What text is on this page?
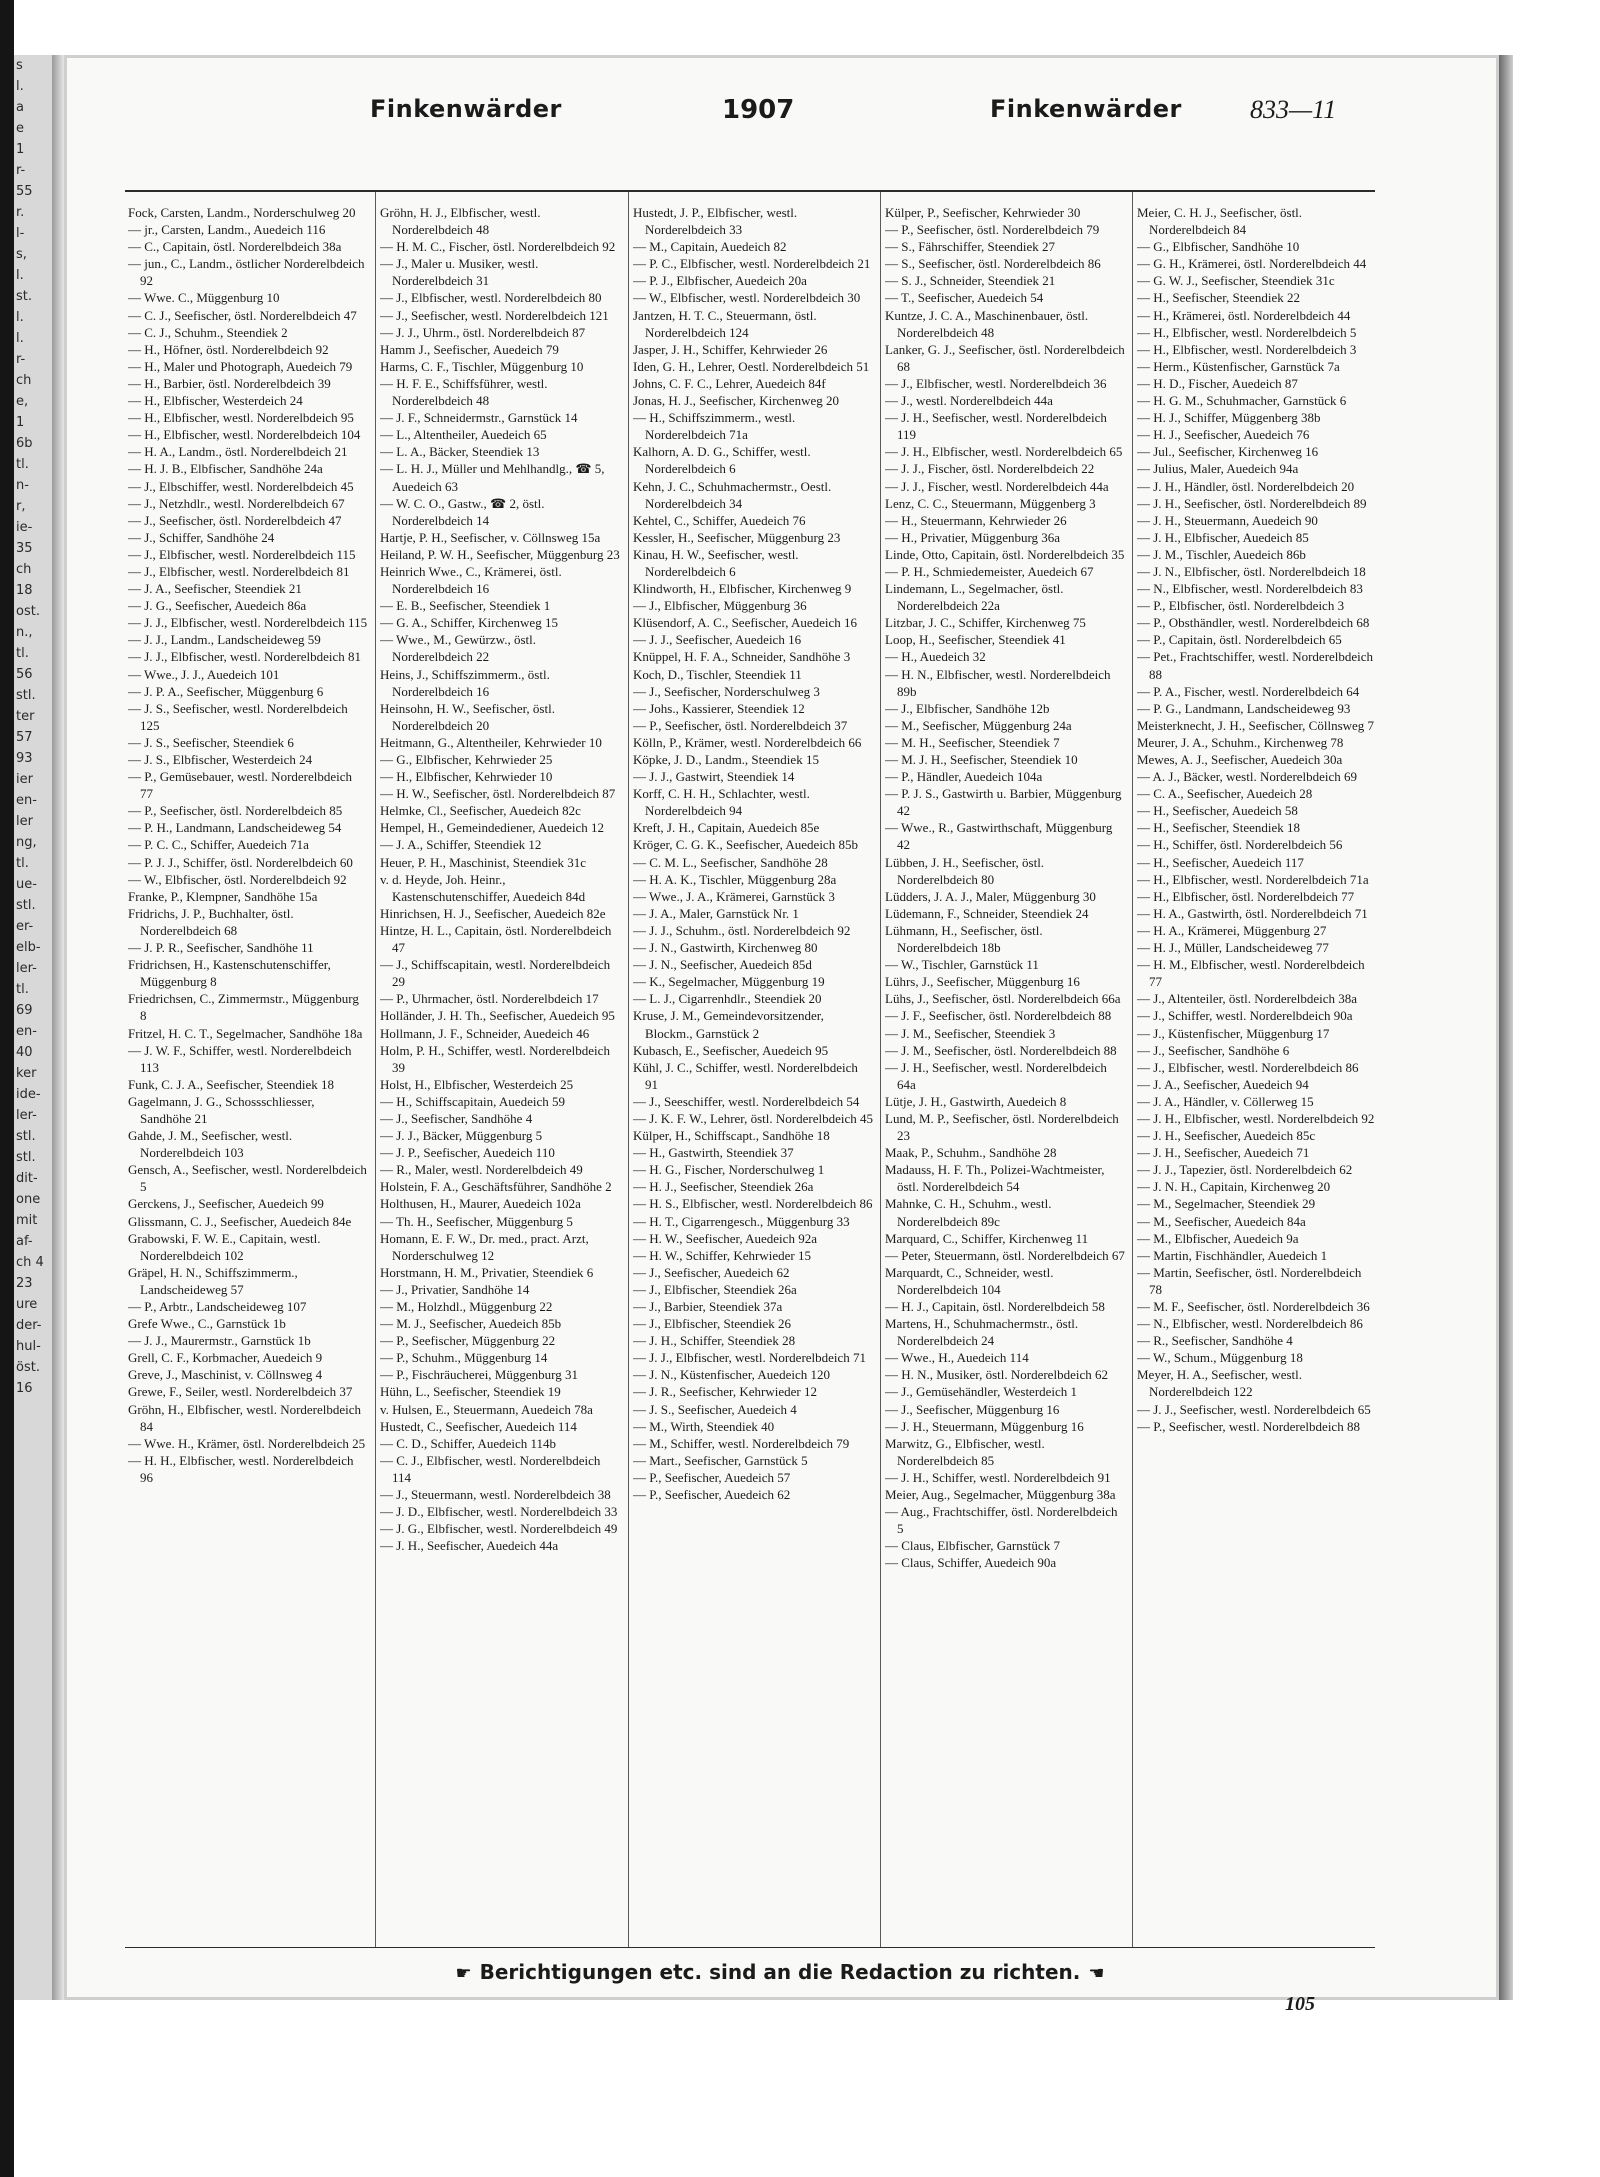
s
l.
a
e
1
r-
55
r.
l-
s,
l.
st.
l.
l.
r-
ch
e,
1
6b
tl.
n-
r,
ie-
35
ch
18
ost.
n.,
tl.
56
stl.
ter
57
93
ier
en-
ler
ng,
tl.
ue-
stl.
er-
elb-
ler-
tl.
69
en-
40
ker
ide-
ler-
stl.
stl.
dit-
one
mit
af-
ch 4
23
ure
der-
hul-
öst.
16
Finkenwärder	1907	Finkenwärder	833—11

Fock, Carsten, Landm., Norderschulweg 20

— jr., Carsten, Landm., Auedeich 116

— C., Capitain, östl. Norderelbdeich 38a

— jun., C., Landm., östlicher Norderelbdeich 92

— Wwe. C., Müggenburg 10

— C. J., Seefischer, östl. Norderelbdeich 47

— C. J., Schuhm., Steendiek 2

— H., Höfner, östl. Norderelbdeich 92

— H., Maler und Photograph, Auedeich 79

— H., Barbier, östl. Norderelbdeich 39

— H., Elbfischer, Westerdeich 24

— H., Elbfischer, westl. Norderelbdeich 95

— H., Elbfischer, westl. Norderelbdeich 104

— H. A., Landm., östl. Norderelbdeich 21

— H. J. B., Elbfischer, Sandhöhe 24a

— J., Elbschiffer, westl. Norderelbdeich 45

— J., Netzhdlr., westl. Norderelbdeich 67

— J., Seefischer, östl. Norderelbdeich 47

— J., Schiffer, Sandhöhe 24

— J., Elbfischer, westl. Norderelbdeich 115

— J., Elbfischer, westl. Norderelbdeich 81

— J. A., Seefischer, Steendiek 21

— J. G., Seefischer, Auedeich 86a

— J. J., Elbfischer, westl. Norderelbdeich 115

— J. J., Landm., Landscheideweg 59

— J. J., Elbfischer, westl. Norderelbdeich 81

— Wwe., J. J., Auedeich 101

— J. P. A., Seefischer, Müggenburg 6

— J. S., Seefischer, westl. Norderelbdeich 125

— J. S., Seefischer, Steendiek 6

— J. S., Elbfischer, Westerdeich 24

— P., Gemüsebauer, westl. Norderelbdeich 77

— P., Seefischer, östl. Norderelbdeich 85

— P. H., Landmann, Landscheideweg 54

— P. C. C., Schiffer, Auedeich 71a

— P. J. J., Schiffer, östl. Norderelbdeich 60

— W., Elbfischer, östl. Norderelbdeich 92

Franke, P., Klempner, Sandhöhe 15a

Fridrichs, J. P., Buchhalter, östl. Norderelbdeich 68

— J. P. R., Seefischer, Sandhöhe 11

Fridrichsen, H., Kastenschutenschiffer, Müggenburg 8

Friedrichsen, C., Zimmermstr., Müggenburg 8

Fritzel, H. C. T., Segelmacher, Sandhöhe 18a

— J. W. F., Schiffer, westl. Norderelbdeich 113

Funk, C. J. A., Seefischer, Steendiek 18

Gagelmann, J. G., Schossschliesser, Sandhöhe 21

Gahde, J. M., Seefischer, westl. Norderelbdeich 103

Gensch, A., Seefischer, westl. Norderelbdeich 5

Gerckens, J., Seefischer, Auedeich 99

Glissmann, C. J., Seefischer, Auedeich 84e

Grabowski, F. W. E., Capitain, westl. Norderelbdeich 102

Gräpel, H. N., Schiffszimmerm., Landscheideweg 57

— P., Arbtr., Landscheideweg 107

Grefe Wwe., C., Garnstück 1b

— J. J., Maurermstr., Garnstück 1b

Grell, C. F., Korbmacher, Auedeich 9

Greve, J., Maschinist, v. Cöllnsweg 4

Grewe, F., Seiler, westl. Norderelbdeich 37

Gröhn, H., Elbfischer, westl. Norderelbdeich 84

— Wwe. H., Krämer, östl. Norderelbdeich 25

— H. H., Elbfischer, westl. Norderelbdeich 96

Gröhn, H. J., Elbfischer, westl. Norderelbdeich 48

— H. M. C., Fischer, östl. Norderelbdeich 92

— J., Maler u. Musiker, westl. Norderelbdeich 31

— J., Elbfischer, westl. Norderelbdeich 80

— J., Seefischer, westl. Norderelbdeich 121

— J. J., Uhrm., östl. Norderelbdeich 87

Hamm J., Seefischer, Auedeich 79

Harms, C. F., Tischler, Müggenburg 10

— H. F. E., Schiffsführer, westl. Norderelbdeich 48

— J. F., Schneidermstr., Garnstück 14

— L., Altentheiler, Auedeich 65

— L. A., Bäcker, Steendiek 13

— L. H. J., Müller und Mehlhandlg., ☎ 5, Auedeich 63

— W. C. O., Gastw., ☎ 2, östl. Norderelbdeich 14

Hartje, P. H., Seefischer, v. Cöllnsweg 15a

Heiland, P. W. H., Seefischer, Müggenburg 23

Heinrich Wwe., C., Krämerei, östl. Norderelbdeich 16

— E. B., Seefischer, Steendiek 1

— G. A., Schiffer, Kirchenweg 15

— Wwe., M., Gewürzw., östl. Norderelbdeich 22

Heins, J., Schiffszimmerm., östl. Norderelbdeich 16

Heinsohn, H. W., Seefischer, östl. Norderelbdeich 20

Heitmann, G., Altentheiler, Kehrwieder 10

— G., Elbfischer, Kehrwieder 25

— H., Elbfischer, Kehrwieder 10

— H. W., Seefischer, östl. Norderelbdeich 87

Helmke, Cl., Seefischer, Auedeich 82c

Hempel, H., Gemeindediener, Auedeich 12

— J. A., Schiffer, Steendiek 12

Heuer, P. H., Maschinist, Steendiek 31c

v. d. Heyde, Joh. Heinr., Kastenschutenschiffer, Auedeich 84d

Hinrichsen, H. J., Seefischer, Auedeich 82e

Hintze, H. L., Capitain, östl. Norderelbdeich 47

— J., Schiffscapitain, westl. Norderelbdeich 29

— P., Uhrmacher, östl. Norderelbdeich 17

Holländer, J. H. Th., Seefischer, Auedeich 95

Hollmann, J. F., Schneider, Auedeich 46

Holm, P. H., Schiffer, westl. Norderelbdeich 39

Holst, H., Elbfischer, Westerdeich 25

— H., Schiffscapitain, Auedeich 59

— J., Seefischer, Sandhöhe 4

— J. J., Bäcker, Müggenburg 5

— J. P., Seefischer, Auedeich 110

— R., Maler, westl. Norderelbdeich 49

Holstein, F. A., Geschäftsführer, Sandhöhe 2

Holthusen, H., Maurer, Auedeich 102a

— Th. H., Seefischer, Müggenburg 5

Homann, E. F. W., Dr. med., pract. Arzt, Norderschulweg 12

Horstmann, H. M., Privatier, Steendiek 6

— J., Privatier, Sandhöhe 14

— M., Holzhdl., Müggenburg 22

— M. J., Seefischer, Auedeich 85b

— P., Seefischer, Müggenburg 22

— P., Schuhm., Müggenburg 14

— P., Fischräucherei, Müggenburg 31

Hühn, L., Seefischer, Steendiek 19

v. Hulsen, E., Steuermann, Auedeich 78a

Hustedt, C., Seefischer, Auedeich 114

— C. D., Schiffer, Auedeich 114b

— C. J., Elbfischer, westl. Norderelbdeich 114

— J., Steuermann, westl. Norderelbdeich 38

— J. D., Elbfischer, westl. Norderelbdeich 33

— J. G., Elbfischer, westl. Norderelbdeich 49

— J. H., Seefischer, Auedeich 44a

Hustedt, J. P., Elbfischer, westl. Norderelbdeich 33

— M., Capitain, Auedeich 82

— P. C., Elbfischer, westl. Norderelbdeich 21

— P. J., Elbfischer, Auedeich 20a

— W., Elbfischer, westl. Norderelbdeich 30

Jantzen, H. T. C., Steuermann, östl. Norderelbdeich 124

Jasper, J. H., Schiffer, Kehrwieder 26

Iden, G. H., Lehrer, Oestl. Norderelbdeich 51

Johns, C. F. C., Lehrer, Auedeich 84f

Jonas, H. J., Seefischer, Kirchenweg 20

— H., Schiffszimmerm., westl. Norderelbdeich 71a

Kalhorn, A. D. G., Schiffer, westl. Norderelbdeich 6

Kehn, J. C., Schuhmachermstr., Oestl. Norderelbdeich 34

Kehtel, C., Schiffer, Auedeich 76

Kessler, H., Seefischer, Müggenburg 23

Kinau, H. W., Seefischer, westl. Norderelbdeich 6

Klindworth, H., Elbfischer, Kirchenweg 9

— J., Elbfischer, Müggenburg 36

Klüsendorf, A. C., Seefischer, Auedeich 16

— J. J., Seefischer, Auedeich 16

Knüppel, H. F. A., Schneider, Sandhöhe 3

Koch, D., Tischler, Steendiek 11

— J., Seefischer, Norderschulweg 3

— Johs., Kassierer, Steendiek 12

— P., Seefischer, östl. Norderelbdeich 37

Kölln, P., Krämer, westl. Norderelbdeich 66

Köpke, J. D., Landm., Steendiek 15

— J. J., Gastwirt, Steendiek 14

Korff, C. H. H., Schlachter, westl. Norderelbdeich 94

Kreft, J. H., Capitain, Auedeich 85e

Kröger, C. G. K., Seefischer, Auedeich 85b

— C. M. L., Seefischer, Sandhöhe 28

— H. A. K., Tischler, Müggenburg 28a

— Wwe., J. A., Krämerei, Garnstück 3

— J. A., Maler, Garnstück Nr. 1

— J. J., Schuhm., östl. Norderelbdeich 92

— J. N., Gastwirth, Kirchenweg 80

— J. N., Seefischer, Auedeich 85d

— K., Segelmacher, Müggenburg 19

— L. J., Cigarrenhdlr., Steendiek 20

Kruse, J. M., Gemeindevorsitzender, Blockm., Garnstück 2

Kubasch, E., Seefischer, Auedeich 95

Kühl, J. C., Schiffer, westl. Norderelbdeich 91

— J., Seeschiffer, westl. Norderelbdeich 54

— J. K. F. W., Lehrer, östl. Norderelbdeich 45

Külper, H., Schiffscapt., Sandhöhe 18

— H., Gastwirth, Steendiek 37

— H. G., Fischer, Norderschulweg 1

— H. J., Seefischer, Steendiek 26a

— H. S., Elbfischer, westl. Norderelbdeich 86

— H. T., Cigarrengesch., Müggenburg 33

— H. W., Seefischer, Auedeich 92a

— H. W., Schiffer, Kehrwieder 15

— J., Seefischer, Auedeich 62

— J., Elbfischer, Steendiek 26a

— J., Barbier, Steendiek 37a

— J., Elbfischer, Steendiek 26

— J. H., Schiffer, Steendiek 28

— J. J., Elbfischer, westl. Norderelbdeich 71

— J. N., Küstenfischer, Auedeich 120

— J. R., Seefischer, Kehrwieder 12

— J. S., Seefischer, Auedeich 4

— M., Wirth, Steendiek 40

— M., Schiffer, westl. Norderelbdeich 79

— Mart., Seefischer, Garnstück 5

— P., Seefischer, Auedeich 57

— P., Seefischer, Auedeich 62

Külper, P., Seefischer, Kehrwieder 30

— P., Seefischer, östl. Norderelbdeich 79

— S., Fährschiffer, Steendiek 27

— S., Seefischer, östl. Norderelbdeich 86

— S. J., Schneider, Steendiek 21

— T., Seefischer, Auedeich 54

Kuntze, J. C. A., Maschinenbauer, östl. Norderelbdeich 48

Lanker, G. J., Seefischer, östl. Norderelbdeich 68

— J., Elbfischer, westl. Norderelbdeich 36

— J., westl. Norderelbdeich 44a

— J. H., Seefischer, westl. Norderelbdeich 119

— J. H., Elbfischer, westl. Norderelbdeich 65

— J. J., Fischer, östl. Norderelbdeich 22

— J. J., Fischer, westl. Norderelbdeich 44a

Lenz, C. C., Steuermann, Müggenberg 3

— H., Steuermann, Kehrwieder 26

— H., Privatier, Müggenburg 36a

Linde, Otto, Capitain, östl. Norderelbdeich 35

— P. H., Schmiedemeister, Auedeich 67

Lindemann, L., Segelmacher, östl. Norderelbdeich 22a

Litzbar, J. C., Schiffer, Kirchenweg 75

Loop, H., Seefischer, Steendiek 41

— H., Auedeich 32

— H. N., Elbfischer, westl. Norderelbdeich 89b

— J., Elbfischer, Sandhöhe 12b

— M., Seefischer, Müggenburg 24a

— M. H., Seefischer, Steendiek 7

— M. J. H., Seefischer, Steendiek 10

— P., Händler, Auedeich 104a

— P. J. S., Gastwirth u. Barbier, Müggenburg 42

— Wwe., R., Gastwirthschaft, Müggenburg 42

Lübben, J. H., Seefischer, östl. Norderelbdeich 80

Lüdders, J. A. J., Maler, Müggenburg 30

Lüdemann, F., Schneider, Steendiek 24

Lühmann, H., Seefischer, östl. Norderelbdeich 18b

— W., Tischler, Garnstück 11

Lührs, J., Seefischer, Müggenburg 16

Lühs, J., Seefischer, östl. Norderelbdeich 66a

— J. F., Seefischer, östl. Norderelbdeich 88

— J. M., Seefischer, Steendiek 3

— J. M., Seefischer, östl. Norderelbdeich 88

— J. H., Seefischer, westl. Norderelbdeich 64a

Lütje, J. H., Gastwirth, Auedeich 8

Lund, M. P., Seefischer, östl. Norderelbdeich 23

Maak, P., Schuhm., Sandhöhe 28

Madauss, H. F. Th., Polizei-Wachtmeister, östl. Norderelbdeich 54

Mahnke, C. H., Schuhm., westl. Norderelbdeich 89c

Marquard, C., Schiffer, Kirchenweg 11

— Peter, Steuermann, östl. Norderelbdeich 67

Marquardt, C., Schneider, westl. Norderelbdeich 104

— H. J., Capitain, östl. Norderelbdeich 58

Martens, H., Schuhmachermstr., östl. Norderelbdeich 24

— Wwe., H., Auedeich 114

— H. N., Musiker, östl. Norderelbdeich 62

— J., Gemüsehändler, Westerdeich 1

— J., Seefischer, Müggenburg 16

— J. H., Steuermann, Müggenburg 16

Marwitz, G., Elbfischer, westl. Norderelbdeich 85

— J. H., Schiffer, westl. Norderelbdeich 91

Meier, Aug., Segelmacher, Müggenburg 38a

— Aug., Frachtschiffer, östl. Norderelbdeich 5

— Claus, Elbfischer, Garnstück 7

— Claus, Schiffer, Auedeich 90a

Meier, C. H. J., Seefischer, östl. Norderelbdeich 84

— G., Elbfischer, Sandhöhe 10

— G. H., Krämerei, östl. Norderelbdeich 44

— G. W. J., Seefischer, Steendiek 31c

— H., Seefischer, Steendiek 22

— H., Krämerei, östl. Norderelbdeich 44

— H., Elbfischer, westl. Norderelbdeich 5

— H., Elbfischer, westl. Norderelbdeich 3

— Herm., Küstenfischer, Garnstück 7a

— H. D., Fischer, Auedeich 87

— H. G. M., Schuhmacher, Garnstück 6

— H. J., Schiffer, Müggenberg 38b

— H. J., Seefischer, Auedeich 76

— Jul., Seefischer, Kirchenweg 16

— Julius, Maler, Auedeich 94a

— J. H., Händler, östl. Norderelbdeich 20

— J. H., Seefischer, östl. Norderelbdeich 89

— J. H., Steuermann, Auedeich 90

— J. H., Elbfischer, Auedeich 85

— J. M., Tischler, Auedeich 86b

— J. N., Elbfischer, östl. Norderelbdeich 18

— N., Elbfischer, westl. Norderelbdeich 83

— P., Elbfischer, östl. Norderelbdeich 3

— P., Obsthändler, westl. Norderelbdeich 68

— P., Capitain, östl. Norderelbdeich 65

— Pet., Frachtschiffer, westl. Norderelbdeich 88

— P. A., Fischer, westl. Norderelbdeich 64

— P. G., Landmann, Landscheideweg 93

Meisterknecht, J. H., Seefischer, Cöllnsweg 7

Meurer, J. A., Schuhm., Kirchenweg 78

Mewes, A. J., Seefischer, Auedeich 30a

— A. J., Bäcker, westl. Norderelbdeich 69

— C. A., Seefischer, Auedeich 28

— H., Seefischer, Auedeich 58

— H., Seefischer, Steendiek 18

— H., Schiffer, östl. Norderelbdeich 56

— H., Seefischer, Auedeich 117

— H., Elbfischer, westl. Norderelbdeich 71a

— H., Elbfischer, östl. Norderelbdeich 77

— H. A., Gastwirth, östl. Norderelbdeich 71

— H. A., Krämerei, Müggenburg 27

— H. J., Müller, Landscheideweg 77

— H. M., Elbfischer, westl. Norderelbdeich 77

— J., Altenteiler, östl. Norderelbdeich 38a

— J., Schiffer, westl. Norderelbdeich 90a

— J., Küstenfischer, Müggenburg 17

— J., Seefischer, Sandhöhe 6

— J., Elbfischer, westl. Norderelbdeich 86

— J. A., Seefischer, Auedeich 94

— J. A., Händler, v. Cöllerweg 15

— J. H., Elbfischer, westl. Norderelbdeich 92

— J. H., Seefischer, Auedeich 85c

— J. H., Seefischer, Auedeich 71

— J. J., Tapezier, östl. Norderelbdeich 62

— J. N. H., Capitain, Kirchenweg 20

— M., Segelmacher, Steendiek 29

— M., Seefischer, Auedeich 84a

— M., Elbfischer, Auedeich 9a

— Martin, Fischhändler, Auedeich 1

— Martin, Seefischer, östl. Norderelbdeich 78

— M. F., Seefischer, östl. Norderelbdeich 36

— N., Elbfischer, westl. Norderelbdeich 86

— R., Seefischer, Sandhöhe 4

— W., Schum., Müggenburg 18

Meyer, H. A., Seefischer, westl. Norderelbdeich 122

— J. J., Seefischer, westl. Norderelbdeich 65

— P., Seefischer, westl. Norderelbdeich 88

☛ Berichtigungen etc. sind an die Redaction zu richten. ☚
105
